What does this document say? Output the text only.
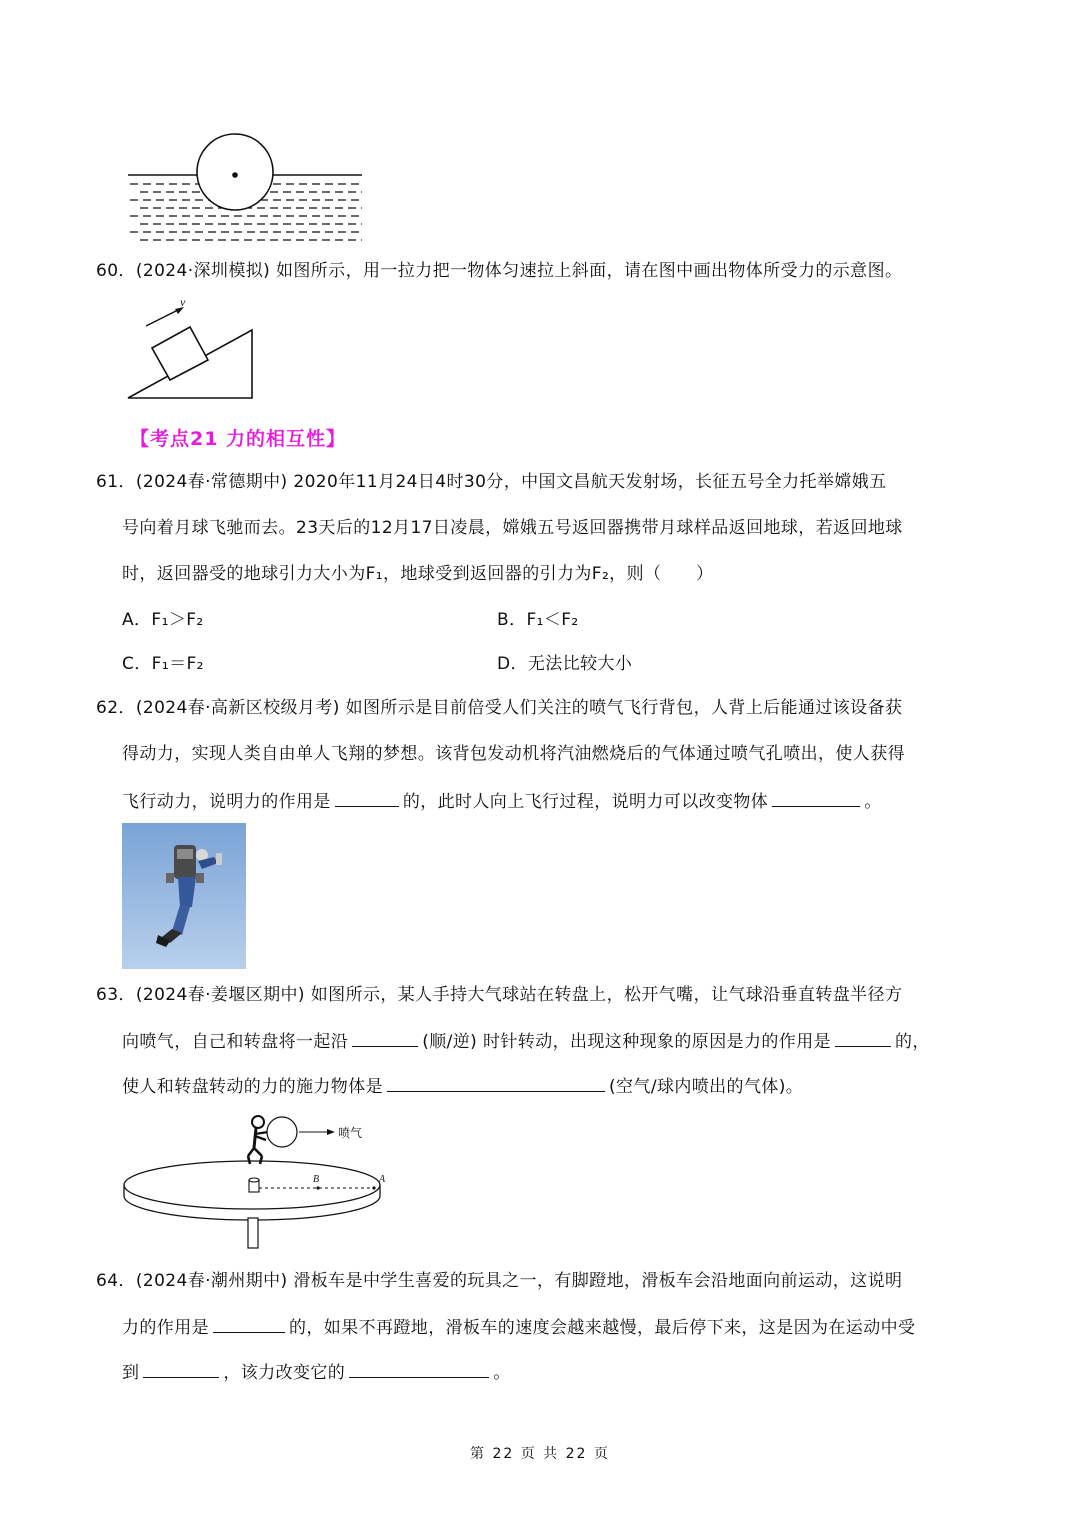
60．(2024·深圳模拟) 如图所示，用一拉力把一物体匀速拉上斜面，请在图中画出物体所受力的示意图。
v
【考点21 力的相互性】
61．(2024春·常德期中) 2020年11月24日4时30分，中国文昌航天发射场，长征五号全力托举嫦娥五
号向着月球飞驰而去。23天后的12月17日凌晨，嫦娥五号返回器携带月球样品返回地球，若返回地球
时，返回器受的地球引力大小为F₁，地球受到返回器的引力为F₂，则（　　）
A．F₁＞F₂	B．F₁＜F₂
C．F₁＝F₂	D．无法比较大小
62．(2024春·高新区校级月考) 如图所示是目前倍受人们关注的喷气飞行背包，人背上后能通过该设备获
得动力，实现人类自由单人飞翔的梦想。该背包发动机将汽油燃烧后的气体通过喷气孔喷出，使人获得
飞行动力，说明力的作用是	的，此时人向上飞行过程，说明力可以改变物体	。
63．(2024春·姜堰区期中) 如图所示，某人手持大气球站在转盘上，松开气嘴，让气球沿垂直转盘半径方
向喷气，自己和转盘将一起沿	(顺/逆) 时针转动，出现这种现象的原因是力的作用是	的，
使人和转盘转动的力的施力物体是	(空气/球内喷出的气体)。
B	A
喷气
64．(2024春·潮州期中) 滑板车是中学生喜爱的玩具之一，有脚蹬地，滑板车会沿地面向前运动，这说明
力的作用是	的，如果不再蹬地，滑板车的速度会越来越慢，最后停下来，这是因为在运动中受
到	，该力改变它的	。
第 22 页 共 22 页
